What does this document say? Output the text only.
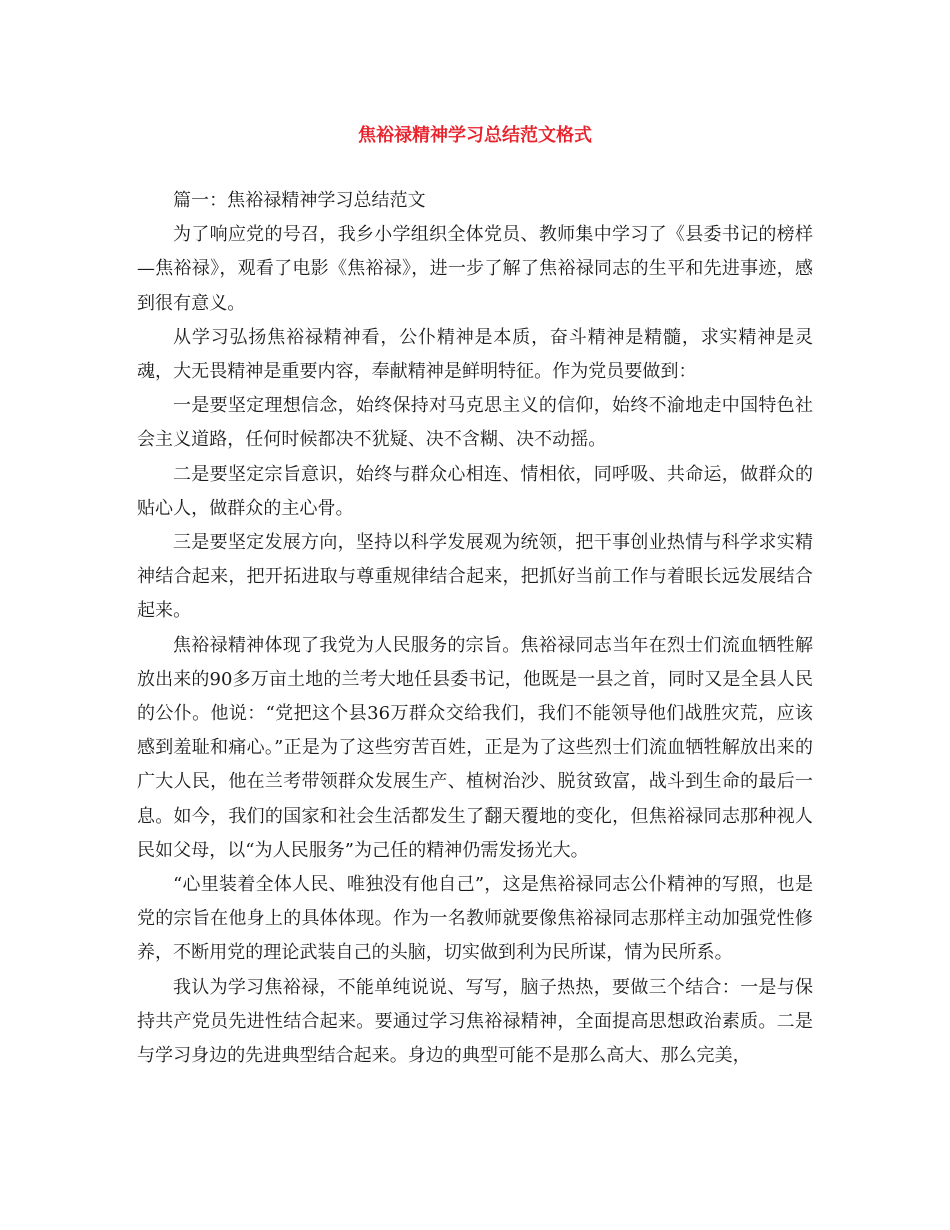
焦裕禄精神学习总结范文格式

篇一：焦裕禄精神学习总结范文

为了响应党的号召，我乡小学组织全体党员、教师集中学习了《县委书记的榜样—焦裕禄》，观看了电影《焦裕禄》，进一步了解了焦裕禄同志的生平和先进事迹，感到很有意义。

从学习弘扬焦裕禄精神看，公仆精神是本质，奋斗精神是精髓，求实精神是灵魂，大无畏精神是重要内容，奉献精神是鲜明特征。作为党员要做到：

一是要坚定理想信念，始终保持对马克思主义的信仰，始终不渝地走中国特色社会主义道路，任何时候都决不犹疑、决不含糊、决不动摇。

二是要坚定宗旨意识，始终与群众心相连、情相依，同呼吸、共命运，做群众的贴心人，做群众的主心骨。

三是要坚定发展方向，坚持以科学发展观为统领，把干事创业热情与科学求实精神结合起来，把开拓进取与尊重规律结合起来，把抓好当前工作与着眼长远发展结合起来。

焦裕禄精神体现了我党为人民服务的宗旨。焦裕禄同志当年在烈士们流血牺牲解放出来的90多万亩土地的兰考大地任县委书记，他既是一县之首，同时又是全县人民的公仆。他说：“党把这个县36万群众交给我们，我们不能领导他们战胜灾荒，应该感到羞耻和痛心。”正是为了这些穷苦百姓，正是为了这些烈士们流血牺牲解放出来的广大人民，他在兰考带领群众发展生产、植树治沙、脱贫致富，战斗到生命的最后一息。如今，我们的国家和社会生活都发生了翻天覆地的变化，但焦裕禄同志那种视人民如父母，以“为人民服务”为己任的精神仍需发扬光大。

“心里装着全体人民、唯独没有他自己”，这是焦裕禄同志公仆精神的写照，也是党的宗旨在他身上的具体体现。作为一名教师就要像焦裕禄同志那样主动加强党性修养，不断用党的理论武装自己的头脑，切实做到利为民所谋，情为民所系。

我认为学习焦裕禄，不能单纯说说、写写，脑子热热，要做三个结合：一是与保持共产党员先进性结合起来。要通过学习焦裕禄精神，全面提高思想政治素质。二是与学习身边的先进典型结合起来。身边的典型可能不是那么高大、那么完美，
